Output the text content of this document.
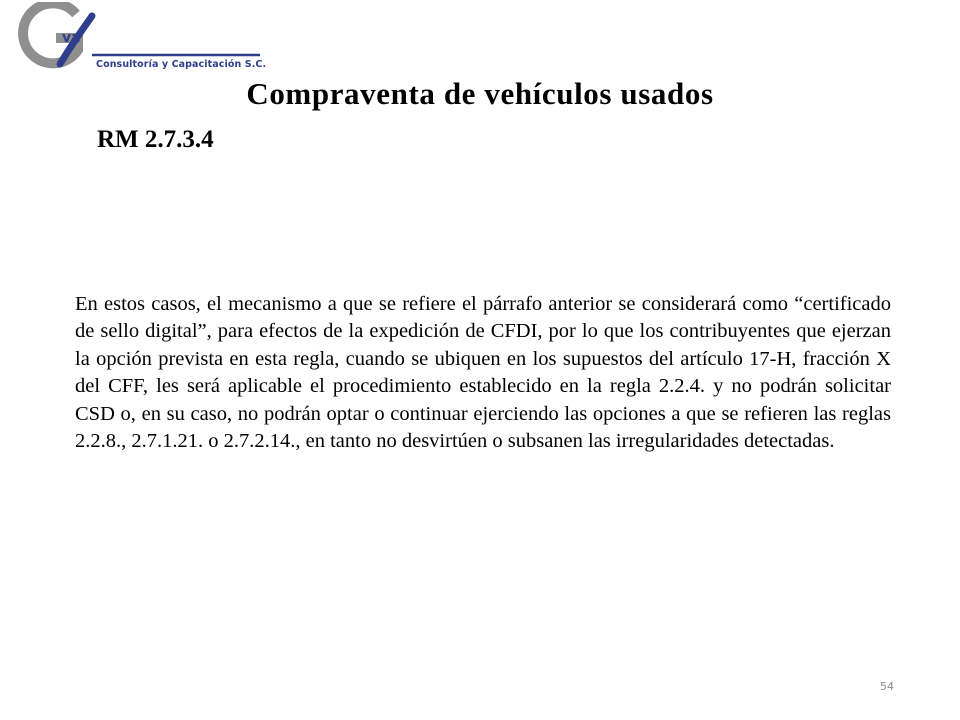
va
Consultoría y Capacitación S.C.
Compraventa de vehículos usados
RM 2.7.3.4

En estos casos, el mecanismo a que se refiere el párrafo anterior se considerará como “certificado de sello digital”, para efectos de la expedición de CFDI, por lo que los contribuyentes que ejerzan la opción prevista en esta regla, cuando se ubiquen en los supuestos del artículo 17-H, fracción X del CFF, les será aplicable el procedimiento establecido en la regla 2.2.4. y no podrán solicitar CSD o, en su caso, no podrán optar o continuar ejerciendo las opciones a que se refieren las reglas 2.2.8., 2.7.1.21. o 2.7.2.14., en tanto no desvirtúen o subsanen las irregularidades detectadas.

54
